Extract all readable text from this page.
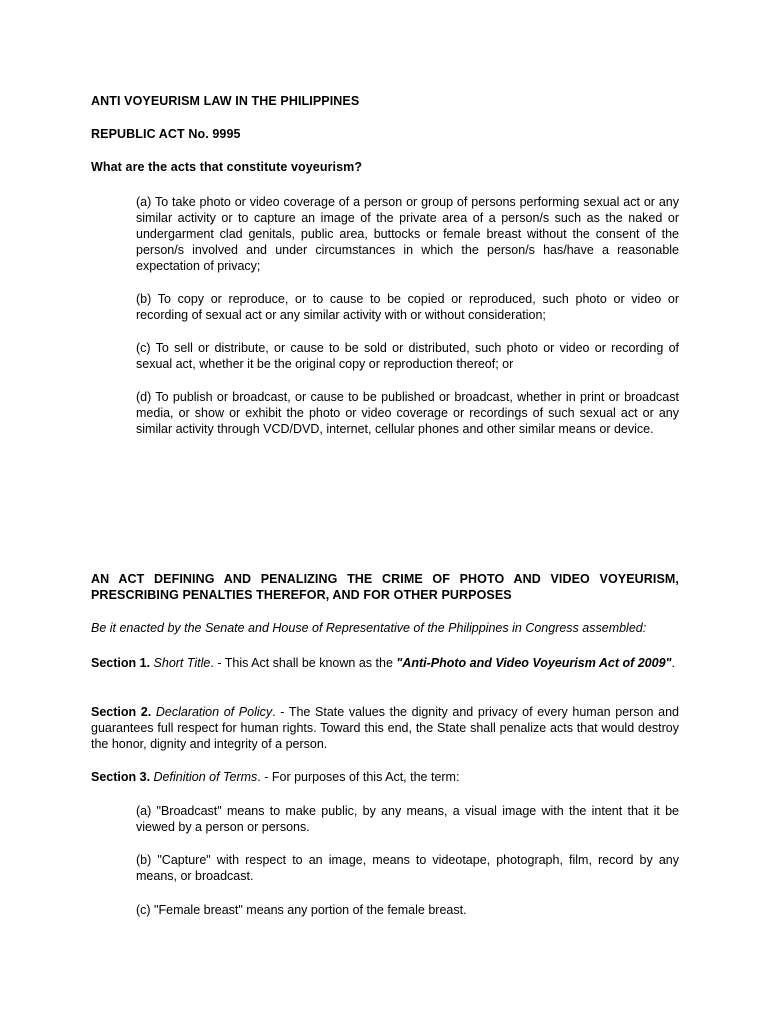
ANTI VOYEURISM LAW IN THE PHILIPPINES

REPUBLIC ACT No. 9995

What are the acts that constitute voyeurism?

(a) To take photo or video coverage of a person or group of persons performing sexual act or any similar activity or to capture an image of the private area of a person/s such as the naked or undergarment clad genitals, public area, buttocks or female breast without the consent of the person/s involved and under circumstances in which the person/s has/have a reasonable expectation of privacy;

(b) To copy or reproduce, or to cause to be copied or reproduced, such photo or video or recording of sexual act or any similar activity with or without consideration;

(c) To sell or distribute, or cause to be sold or distributed, such photo or video or recording of sexual act, whether it be the original copy or reproduction thereof; or

(d) To publish or broadcast, or cause to be published or broadcast, whether in print or broadcast media, or show or exhibit the photo or video coverage or recordings of such sexual act or any similar activity through VCD/DVD, internet, cellular phones and other similar means or device.

AN ACT DEFINING AND PENALIZING THE CRIME OF PHOTO AND VIDEO VOYEURISM, PRESCRIBING PENALTIES THEREFOR, AND FOR OTHER PURPOSES

Be it enacted by the Senate and House of Representative of the Philippines in Congress assembled:

Section 1. Short Title. - This Act shall be known as the "Anti-Photo and Video Voyeurism Act of 2009".

Section 2. Declaration of Policy. - The State values the dignity and privacy of every human person and guarantees full respect for human rights. Toward this end, the State shall penalize acts that would destroy the honor, dignity and integrity of a person.

Section 3. Definition of Terms. - For purposes of this Act, the term:

(a) "Broadcast" means to make public, by any means, a visual image with the intent that it be viewed by a person or persons.

(b) "Capture" with respect to an image, means to videotape, photograph, film, record by any means, or broadcast.

(c) "Female breast" means any portion of the female breast.
